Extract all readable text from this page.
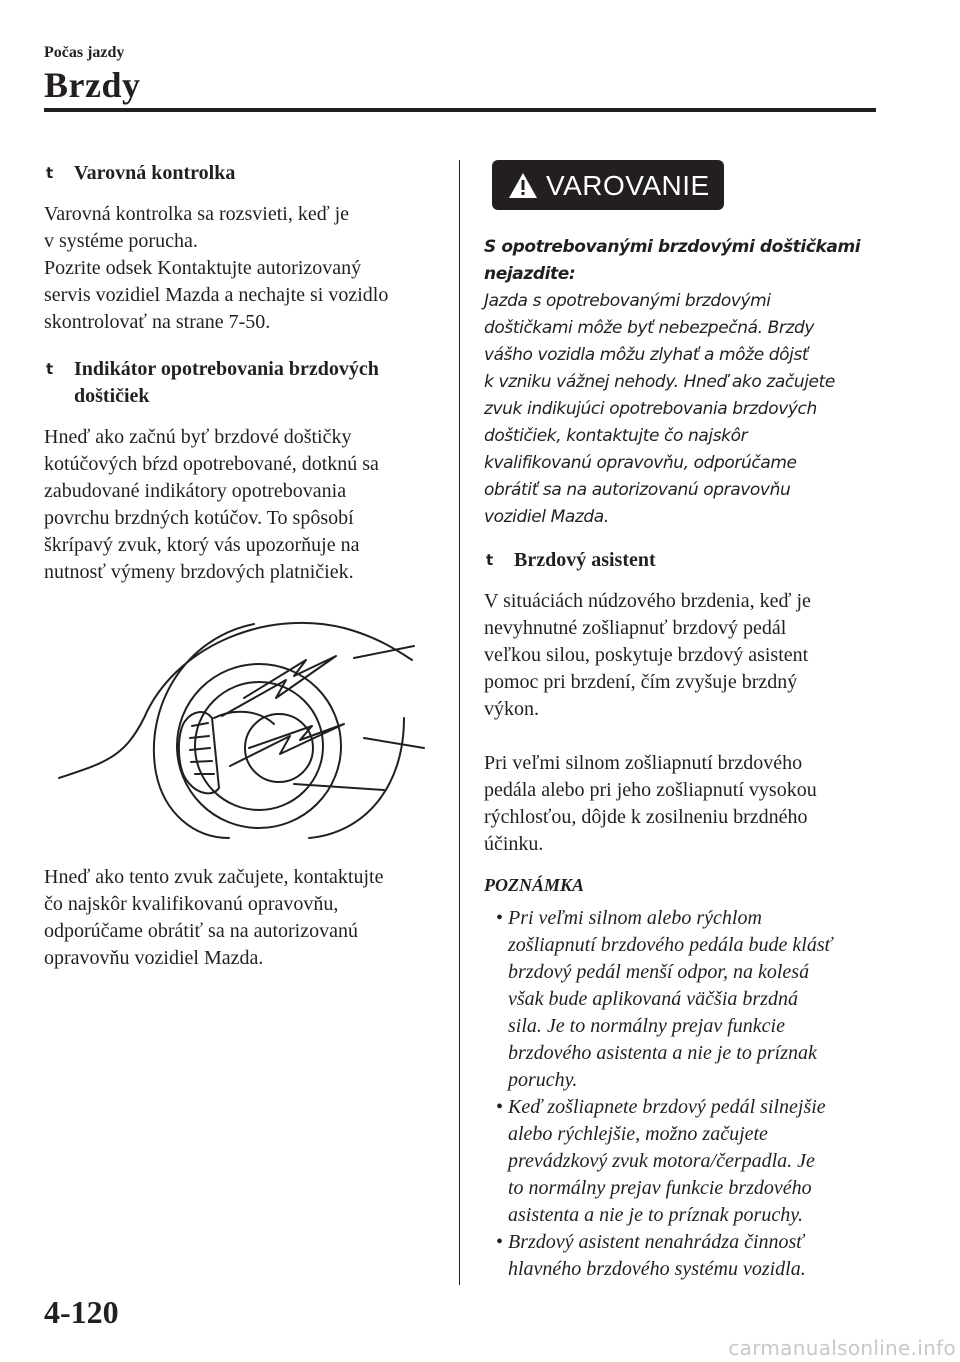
Počas jazdy
Brzdy
t Varovná kontrolka

Varovná kontrolka sa rozsvieti, keď je
v systéme porucha.
Pozrite odsek Kontaktujte autorizovaný
servis vozidiel Mazda a nechajte si vozidlo
skontrolovať na strane 7-50.

t Indikátor opotrebovania brzdových
doštičiek

Hneď ako začnú byť brzdové doštičky
kotúčových bŕzd opotrebované, dotknú sa
zabudované indikátory opotrebovania
povrchu brzdných kotúčov. To spôsobí
škrípavý zvuk, ktorý vás upozorňuje na
nutnosť výmeny brzdových platničiek.

Hneď ako tento zvuk začujete, kontaktujte
čo najskôr kvalifikovanú opravovňu,
odporúčame obrátiť sa na autorizovanú
opravovňu vozidiel Mazda.

VAROVANIE
S opotrebovanými brzdovými doštičkami
nejazdite:
Jazda s opotrebovanými brzdovými
doštičkami môže byť nebezpečná. Brzdy
vášho vozidla môžu zlyhať a môže dôjsť
k vzniku vážnej nehody. Hneď ako začujete
zvuk indikujúci opotrebovania brzdových
doštičiek, kontaktujte čo najskôr
kvalifikovanú opravovňu, odporúčame
obrátiť sa na autorizovanú opravovňu
vozidiel Mazda.
t Brzdový asistent

V situáciách núdzového brzdenia, keď je
nevyhnutné zošliapnuť brzdový pedál
veľkou silou, poskytuje brzdový asistent
pomoc pri brzdení, čím zvyšuje brzdný
výkon.

Pri veľmi silnom zošliapnutí brzdového
pedála alebo pri jeho zošliapnutí vysokou
rýchlosťou, dôjde k zosilneniu brzdného
účinku.

POZNÁMKA
• Pri veľmi silnom alebo rýchlom
zošliapnutí brzdového pedála bude klásť
brzdový pedál menší odpor, na kolesá
však bude aplikovaná väčšia brzdná
sila. Je to normálny prejav funkcie
brzdového asistenta a nie je to príznak
poruchy.
• Keď zošliapnete brzdový pedál silnejšie
alebo rýchlejšie, možno začujete
prevádzkový zvuk motora/čerpadla. Je
to normálny prejav funkcie brzdového
asistenta a nie je to príznak poruchy.
• Brzdový asistent nenahrádza činnosť
hlavného brzdového systému vozidla.
4-120
carmanualsonline.info
